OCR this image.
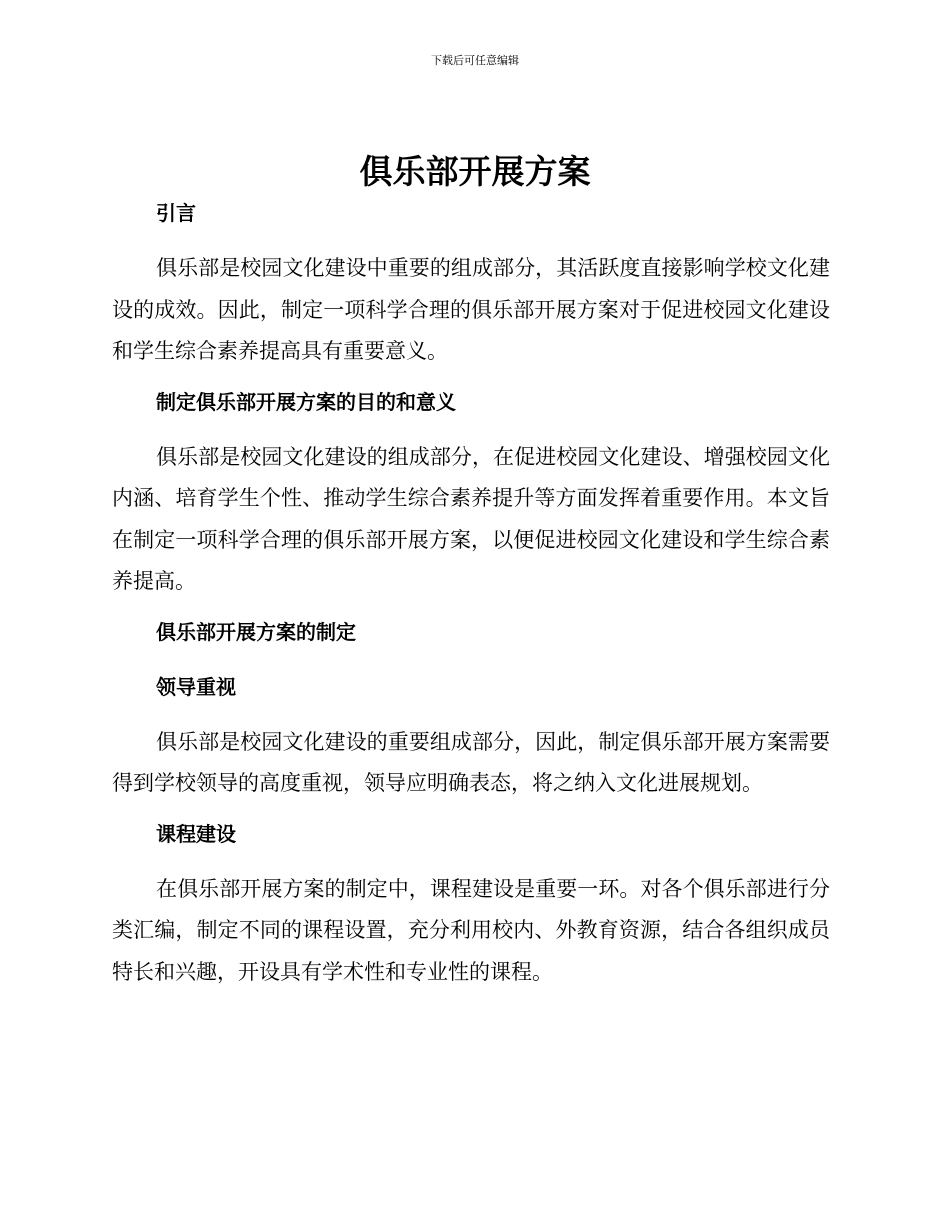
下载后可任意编辑
俱乐部开展方案
引言

俱乐部是校园文化建设中重要的组成部分，其活跃度直接影响学校文化建设的成效。因此，制定一项科学合理的俱乐部开展方案对于促进校园文化建设和学生综合素养提高具有重要意义。

制定俱乐部开展方案的目的和意义

俱乐部是校园文化建设的组成部分，在促进校园文化建设、增强校园文化内涵、培育学生个性、推动学生综合素养提升等方面发挥着重要作用。本文旨在制定一项科学合理的俱乐部开展方案，以便促进校园文化建设和学生综合素养提高。

俱乐部开展方案的制定
领导重视

俱乐部是校园文化建设的重要组成部分，因此，制定俱乐部开展方案需要得到学校领导的高度重视，领导应明确表态，将之纳入文化进展规划。

课程建设

在俱乐部开展方案的制定中，课程建设是重要一环。对各个俱乐部进行分类汇编，制定不同的课程设置，充分利用校内、外教育资源，结合各组织成员特长和兴趣，开设具有学术性和专业性的课程。
